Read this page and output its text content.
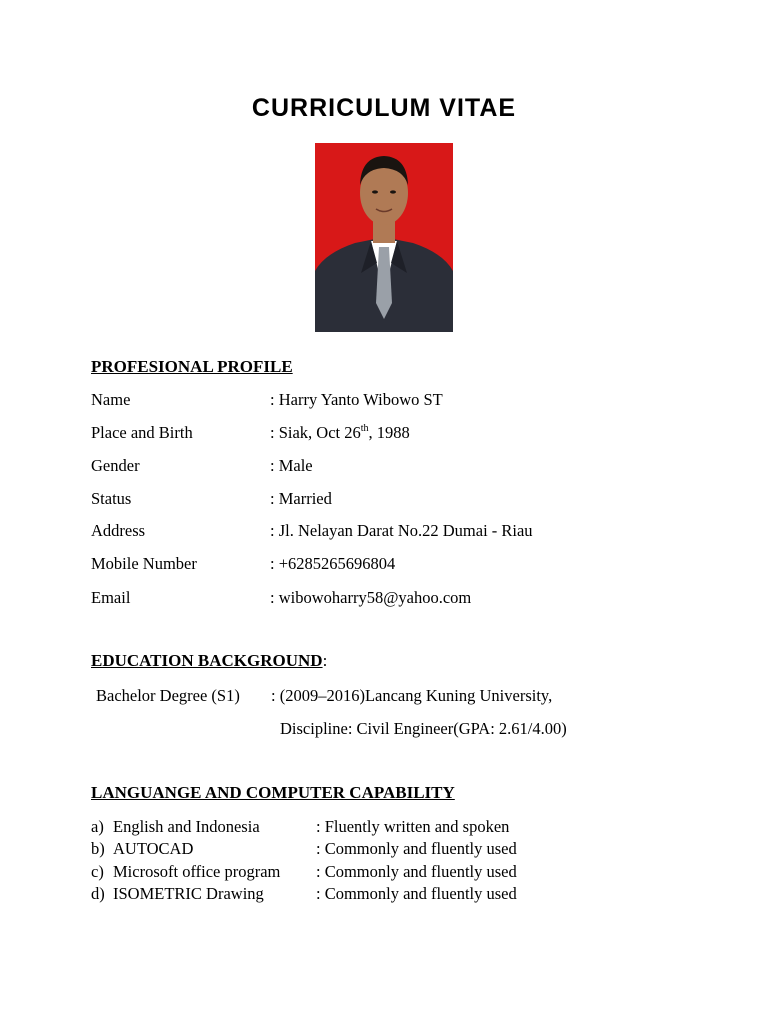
CURRICULUM VITAE
PROFESIONAL PROFILE
Name	: Harry Yanto Wibowo ST
Place and Birth	: Siak, Oct 26th, 1988
Gender	: Male
Status	: Married
Address	: Jl. Nelayan Darat No.22 Dumai - Riau
Mobile Number	: +6285265696804
Email	: wibowoharry58@yahoo.com
EDUCATION BACKGROUND:
Bachelor Degree (S1) : (2009–2016)Lancang Kuning University,
Discipline: Civil Engineer(GPA: 2.61/4.00)
LANGUANGE AND COMPUTER CAPABILITY
a) English and Indonesia	: Fluently written and spoken
b) AUTOCAD	: Commonly and fluently used
c) Microsoft office program : Commonly and fluently used
d) ISOMETRIC Drawing	: Commonly and fluently used
